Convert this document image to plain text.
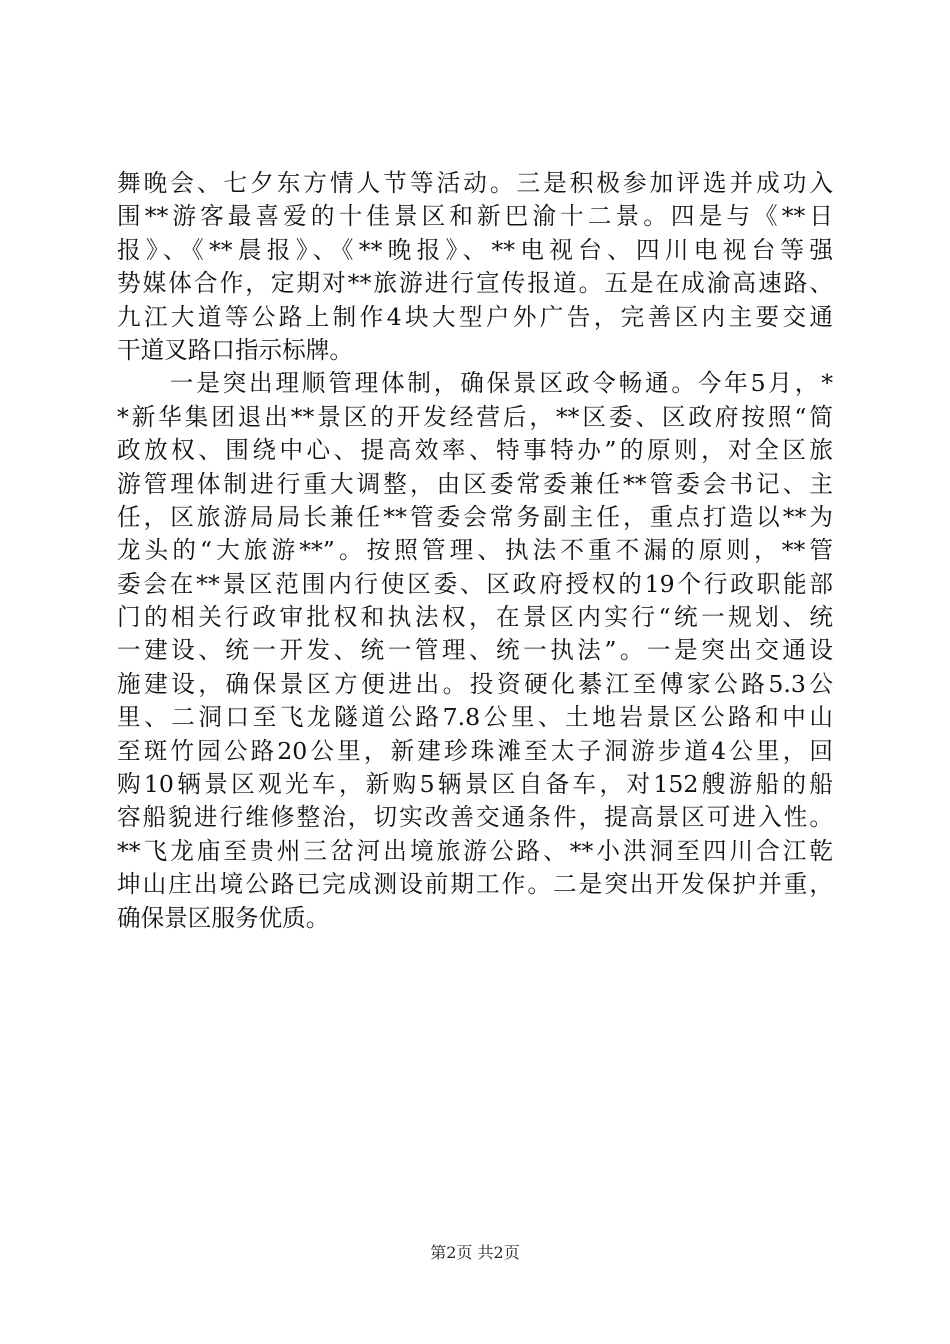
舞晚会、七夕东方情人节等活动。三是积极参加评选并成功入
围**游客最喜爱的十佳景区和新巴渝十二景。四是与《**日
报》、《**晨报》、《**晚报》、**电视台、四川电视台等强
势媒体合作，定期对**旅游进行宣传报道。五是在成渝高速路、
九江大道等公路上制作4块大型户外广告，完善区内主要交通
干道叉路口指示标牌。
　　一是突出理顺管理体制，确保景区政令畅通。今年5月，*
*新华集团退出**景区的开发经营后，**区委、区政府按照“简
政放权、围绕中心、提高效率、特事特办”的原则，对全区旅
游管理体制进行重大调整，由区委常委兼任**管委会书记、主
任，区旅游局局长兼任**管委会常务副主任，重点打造以**为
龙头的“大旅游**”。按照管理、执法不重不漏的原则，**管
委会在**景区范围内行使区委、区政府授权的19个行政职能部
门的相关行政审批权和执法权，在景区内实行“统一规划、统
一建设、统一开发、统一管理、统一执法”。一是突出交通设
施建设，确保景区方便进出。投资硬化綦江至傅家公路5.3公
里、二洞口至飞龙隧道公路7.8公里、土地岩景区公路和中山
至斑竹园公路20公里，新建珍珠滩至太子洞游步道4公里，回
购10辆景区观光车，新购5辆景区自备车，对152艘游船的船
容船貌进行维修整治，切实改善交通条件，提高景区可进入性。
**飞龙庙至贵州三岔河出境旅游公路、**小洪洞至四川合江乾
坤山庄出境公路已完成测设前期工作。二是突出开发保护并重，
确保景区服务优质。
第2页 共2页
